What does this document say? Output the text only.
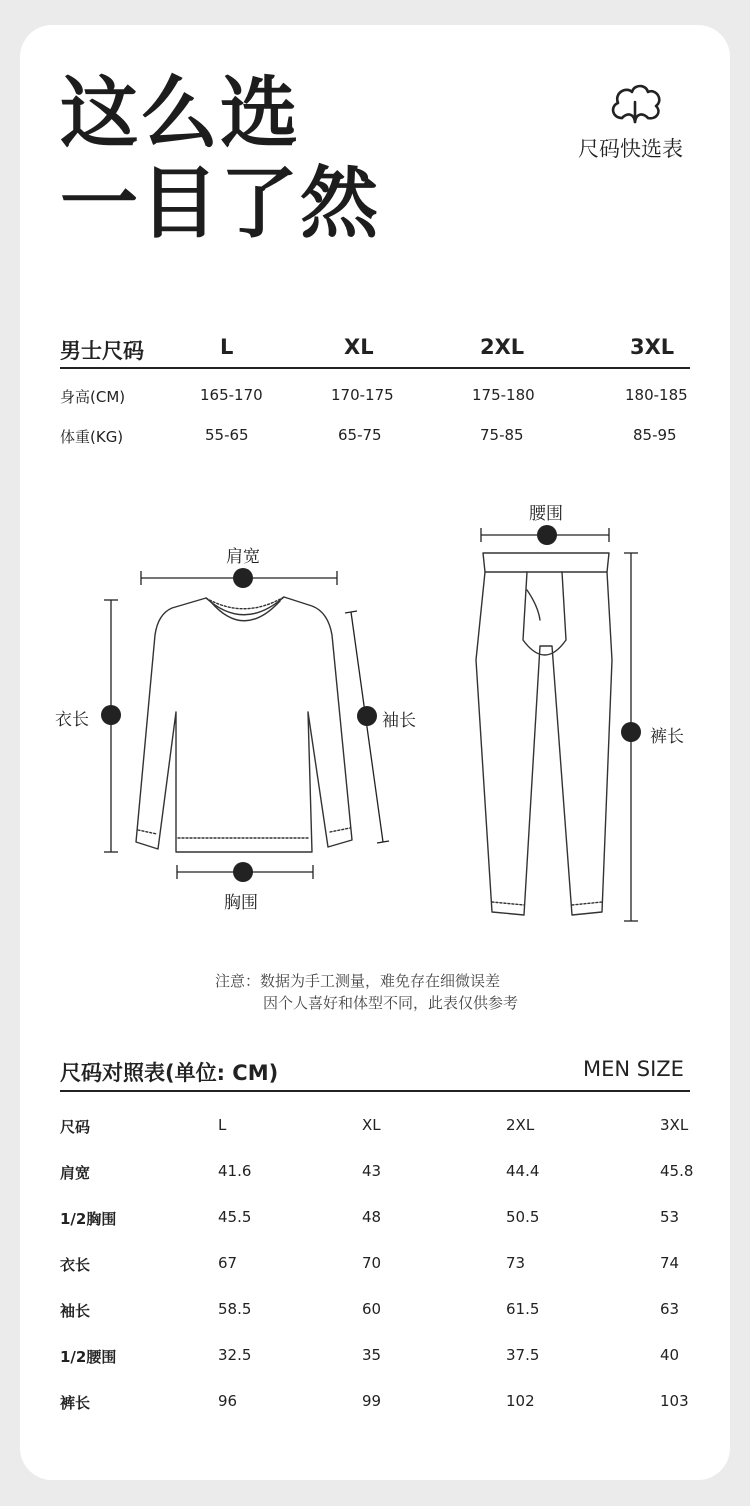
这么选
一目了然
尺码快选表
男士尺码	L	XL	2XL	3XL
身高(CM)	165-170	170-175	175-180	180-185
体重(KG)	55-65	65-75	75-85	85-95
肩宽
衣长	袖长
胸围
腰围
裤长
注意：数据为手工测量，难免存在细微误差
因个人喜好和体型不同，此表仅供参考
尺码对照表(单位: CM)	MEN SIZE
尺码	L	XL	2XL	3XL
肩宽	41.6	43	44.4	45.8
1/2胸围	45.5	48	50.5	53
衣长	67	70	73	74
袖长	58.5	60	61.5	63
1/2腰围	32.5	35	37.5	40
裤长	96	99	102	103
